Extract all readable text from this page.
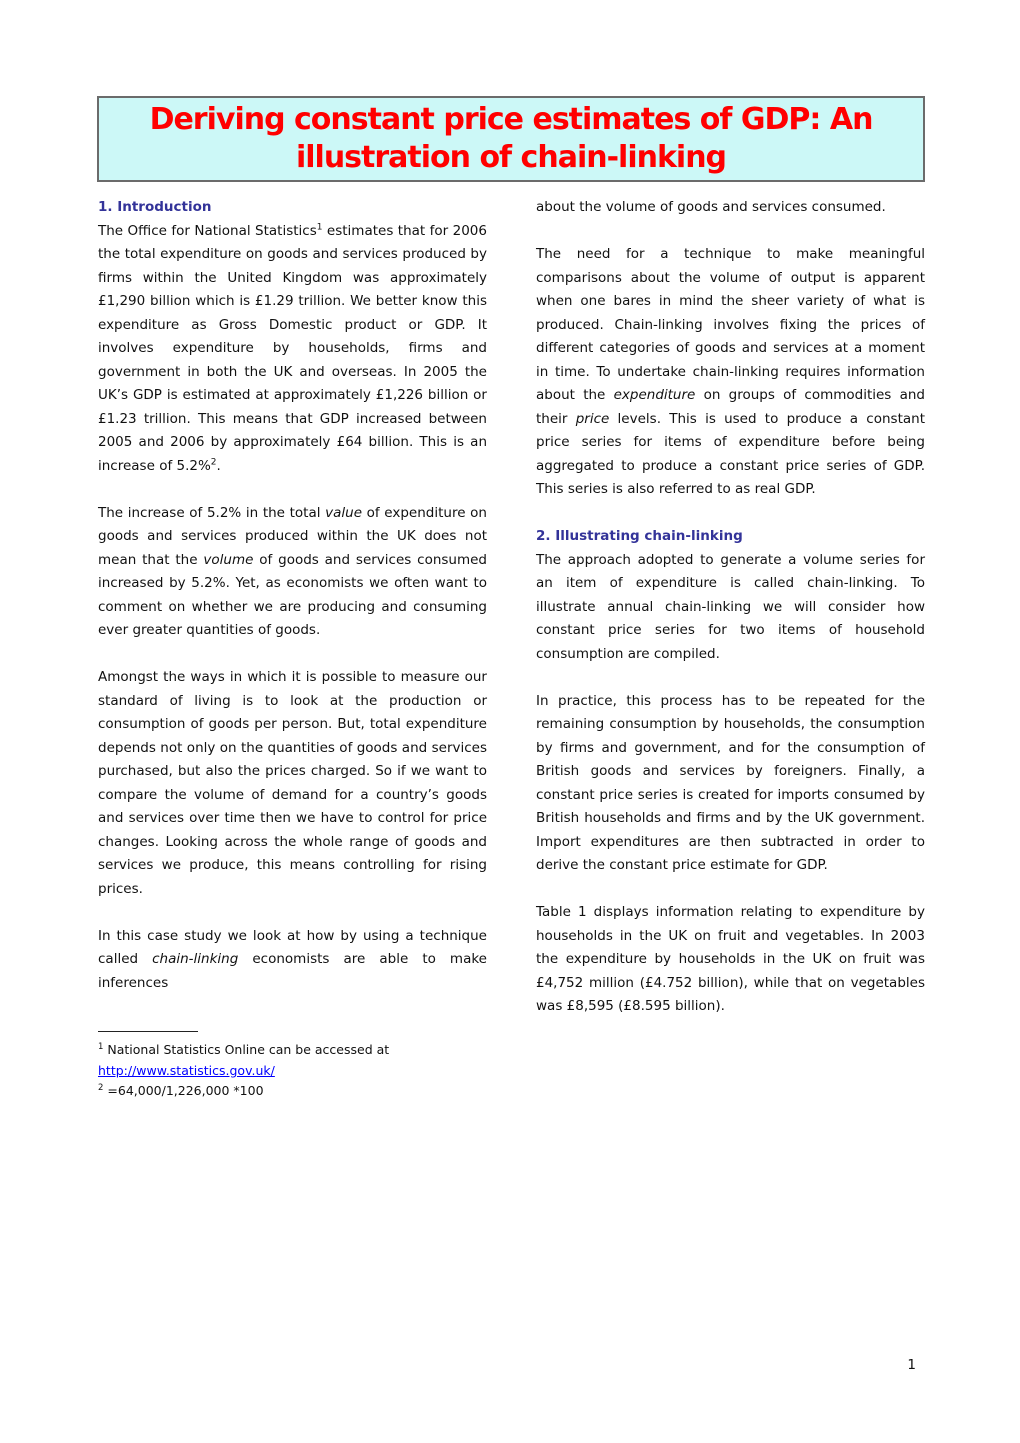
Deriving constant price estimates of GDP: An
illustration of chain-linking
1. Introduction

The Office for National Statistics$^1$ estimates that for 2006 the total expenditure on goods and services produced by firms within the United Kingdom was approximately £1,290 billion which is £1.29 trillion. We better know this expenditure as Gross Domestic product or GDP. It involves expenditure by households, firms and government in both the UK and overseas. In 2005 the UK’s GDP is estimated at approximately £1,226 billion or £1.23 trillion. This means that GDP increased between 2005 and 2006 by approximately £64 billion. This is an increase of 5.2%$^2$.

The increase of 5.2% in the total value of expenditure on goods and services produced within the UK does not mean that the volume of goods and services consumed increased by 5.2%. Yet, as economists we often want to comment on whether we are producing and consuming ever greater quantities of goods.

Amongst the ways in which it is possible to measure our standard of living is to look at the production or consumption of goods per person. But, total expenditure depends not only on the quantities of goods and services purchased, but also the prices charged. So if we want to compare the volume of demand for a country’s goods and services over time then we have to control for price changes. Looking across the whole range of goods and services we produce, this means controlling for rising prices.

In this case study we look at how by using a technique called chain-linking economists are able to make inferences

$^1$ National Statistics Online can be accessed at http://www.statistics.gov.uk/

$^2$ =64,000/1,226,000 *100

about the volume of goods and services consumed.

The need for a technique to make meaningful comparisons about the volume of output is apparent when one bares in mind the sheer variety of what is produced. Chain-linking involves fixing the prices of different categories of goods and services at a moment in time. To undertake chain-linking requires information about the expenditure on groups of commodities and their price levels. This is used to produce a constant price series for items of expenditure before being aggregated to produce a constant price series of GDP. This series is also referred to as real GDP.

2. Illustrating chain-linking

The approach adopted to generate a volume series for an item of expenditure is called chain-linking. To illustrate annual chain-linking we will consider how constant price series for two items of household consumption are compiled.

In practice, this process has to be repeated for the remaining consumption by households, the consumption by firms and government, and for the consumption of British goods and services by foreigners. Finally, a constant price series is created for imports consumed by British households and firms and by the UK government. Import expenditures are then subtracted in order to derive the constant price estimate for GDP.

Table 1 displays information relating to expenditure by households in the UK on fruit and vegetables. In 2003 the expenditure by households in the UK on fruit was £4,752 million (£4.752 billion), while that on vegetables was £8,595 (£8.595 billion).

1
